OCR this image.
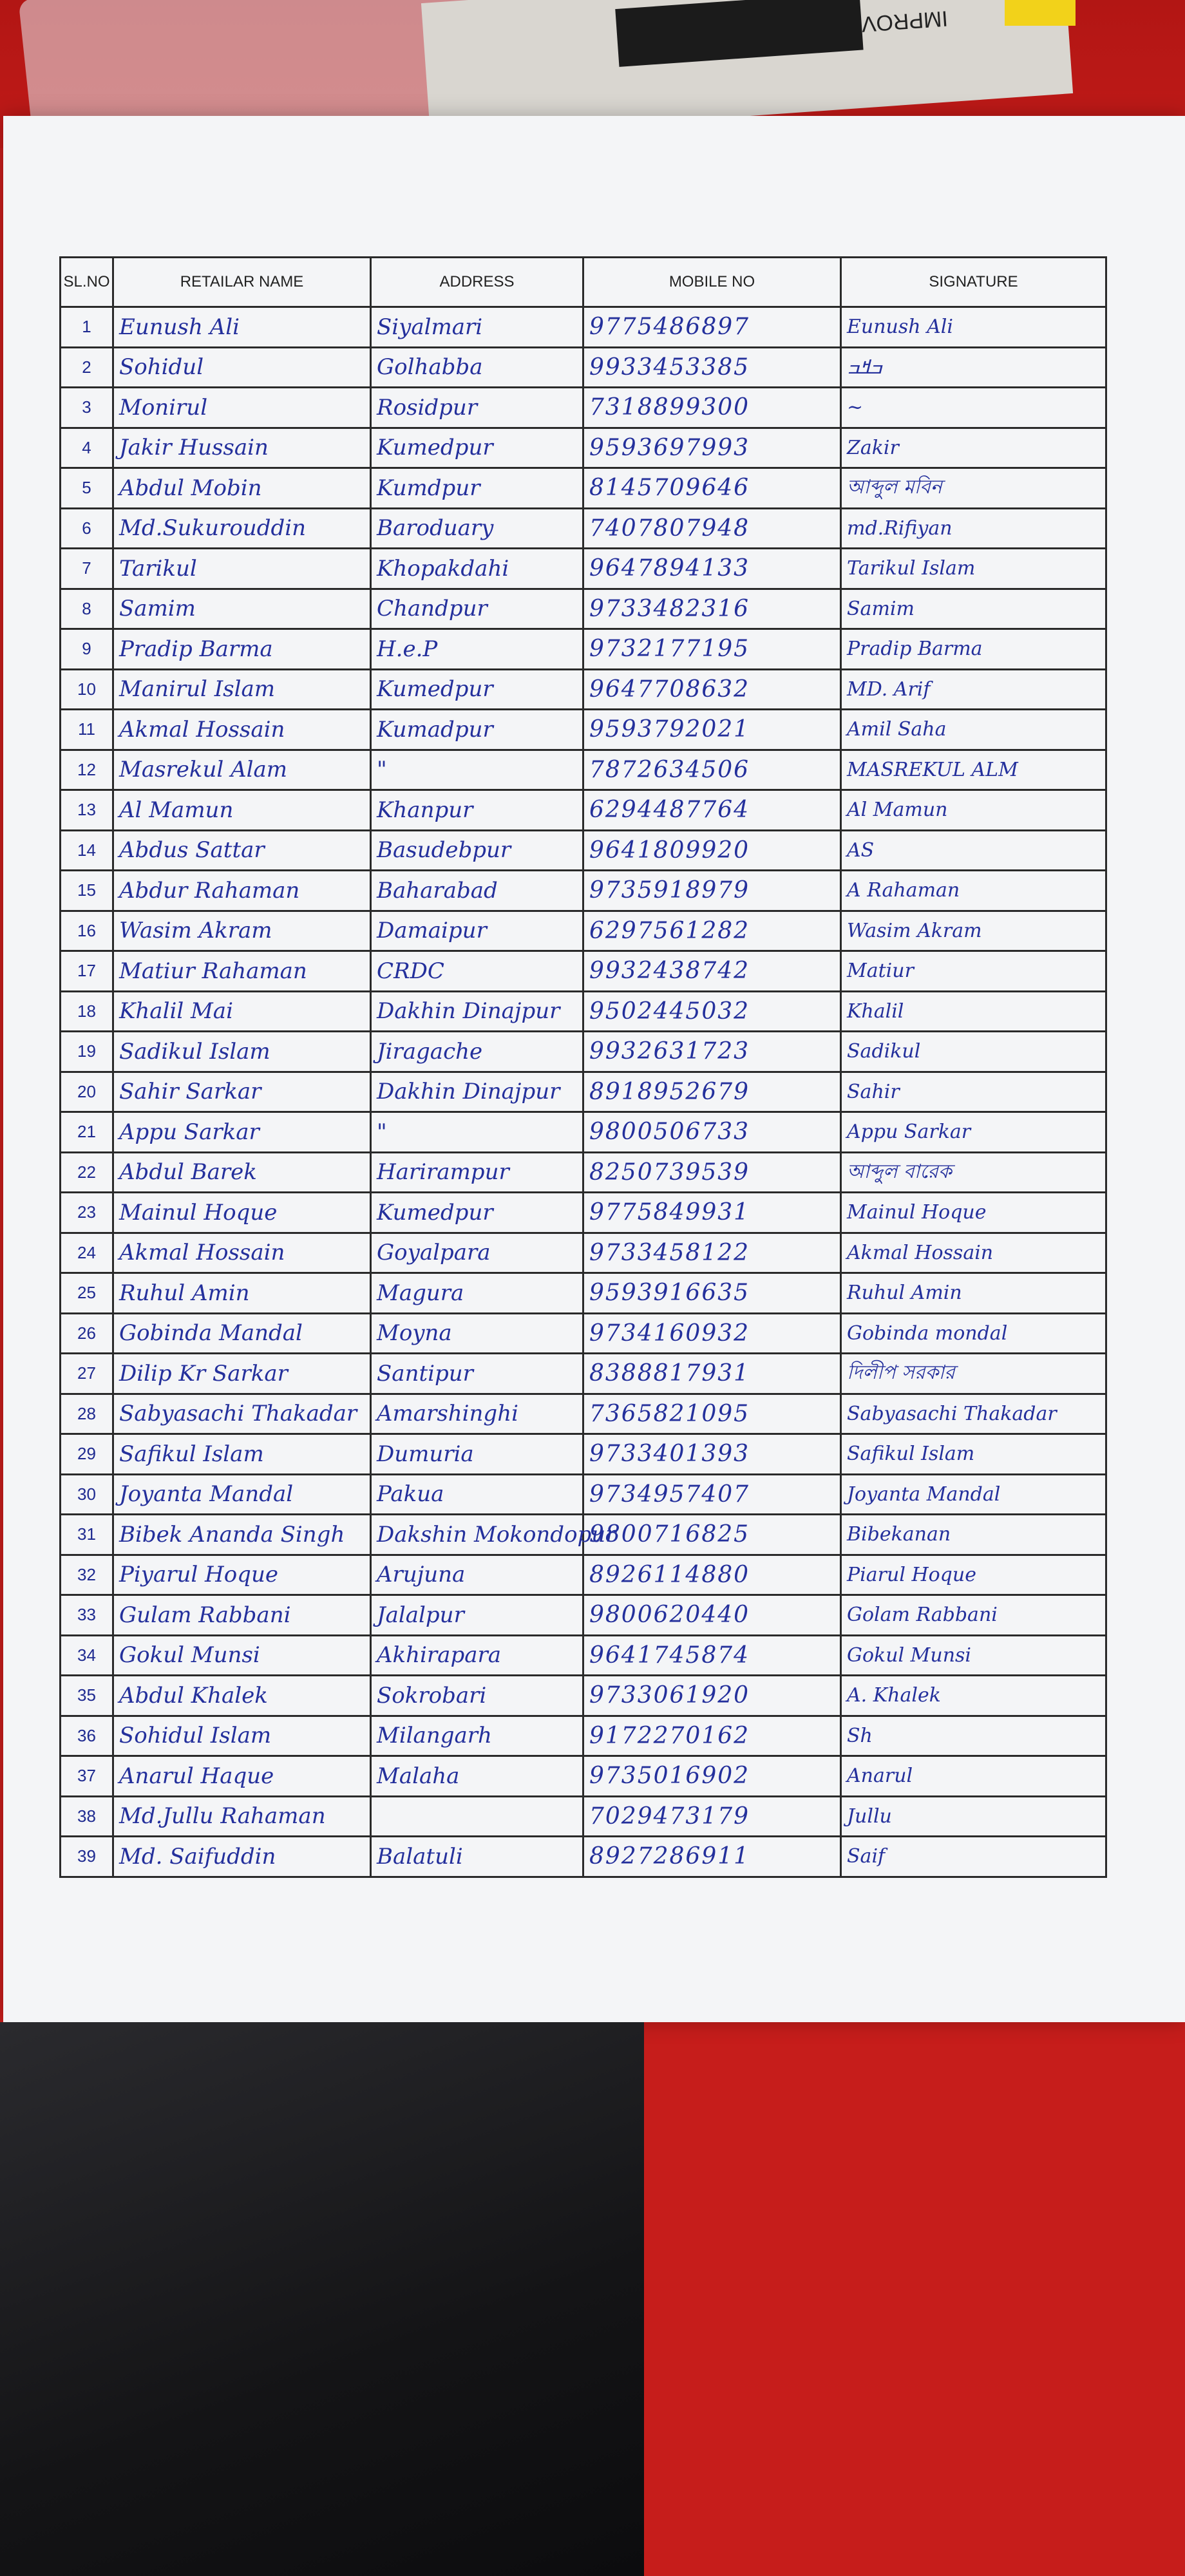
IMPROV
SL.NO	RETAILAR NAME	ADDRESS	MOBILE NO	SIGNATURE
1	Eunush Ali	Siyalmari	9775486897	Eunush Ali
2	Sohidul	Golhabba	9933453385	ߏߞߏ
3	Monirul	Rosidpur	7318899300	~
4	Jakir Hussain	Kumedpur	9593697993	Zakir
5	Abdul Mobin	Kumdpur	8145709646	আব্দুল মবিন
6	Md.Sukurouddin	Baroduary	7407807948	md.Rifiyan
7	Tarikul	Khopakdahi	9647894133	Tarikul Islam
8	Samim	Chandpur	9733482316	Samim
9	Pradip Barma	H.e.P	9732177195	Pradip Barma
10	Manirul Islam	Kumedpur	9647708632	MD. Arif
11	Akmal Hossain	Kumadpur	9593792021	Amil Saha
12	Masrekul Alam	"	7872634506	MASREKUL ALM
13	Al Mamun	Khanpur	6294487764	Al Mamun
14	Abdus Sattar	Basudebpur	9641809920	AS
15	Abdur Rahaman	Baharabad	9735918979	A Rahaman
16	Wasim Akram	Damaipur	6297561282	Wasim Akram
17	Matiur Rahaman	CRDC	9932438742	Matiur
18	Khalil Mai	Dakhin Dinajpur	9502445032	Khalil
19	Sadikul Islam	Jiragache	9932631723	Sadikul
20	Sahir Sarkar	Dakhin Dinajpur	8918952679	Sahir
21	Appu Sarkar	"	9800506733	Appu Sarkar
22	Abdul Barek	Harirampur	8250739539	আব্দুল বারেক
23	Mainul Hoque	Kumedpur	9775849931	Mainul Hoque
24	Akmal Hossain	Goyalpara	9733458122	Akmal Hossain
25	Ruhul Amin	Magura	9593916635	Ruhul Amin
26	Gobinda Mandal	Moyna	9734160932	Gobinda mondal
27	Dilip Kr Sarkar	Santipur	8388817931	দিলীপ সরকার
28	Sabyasachi Thakadar	Amarshinghi	7365821095	Sabyasachi Thakadar
29	Safikul Islam	Dumuria	9733401393	Safikul Islam
30	Joyanta Mandal	Pakua	9734957407	Joyanta Mandal
31	Bibek Ananda Singh	Dakshin Mokondopur	9800716825	Bibekanan
32	Piyarul Hoque	Arujuna	8926114880	Piarul Hoque
33	Gulam Rabbani	Jalalpur	9800620440	Golam Rabbani
34	Gokul Munsi	Akhirapara	9641745874	Gokul Munsi
35	Abdul Khalek	Sokrobari	9733061920	A. Khalek
36	Sohidul Islam	Milangarh	9172270162	Sh
37	Anarul Haque	Malaha	9735016902	Anarul
38	Md.Jullu Rahaman		7029473179	Jullu
39	Md. Saifuddin	Balatuli	8927286911	Saif
